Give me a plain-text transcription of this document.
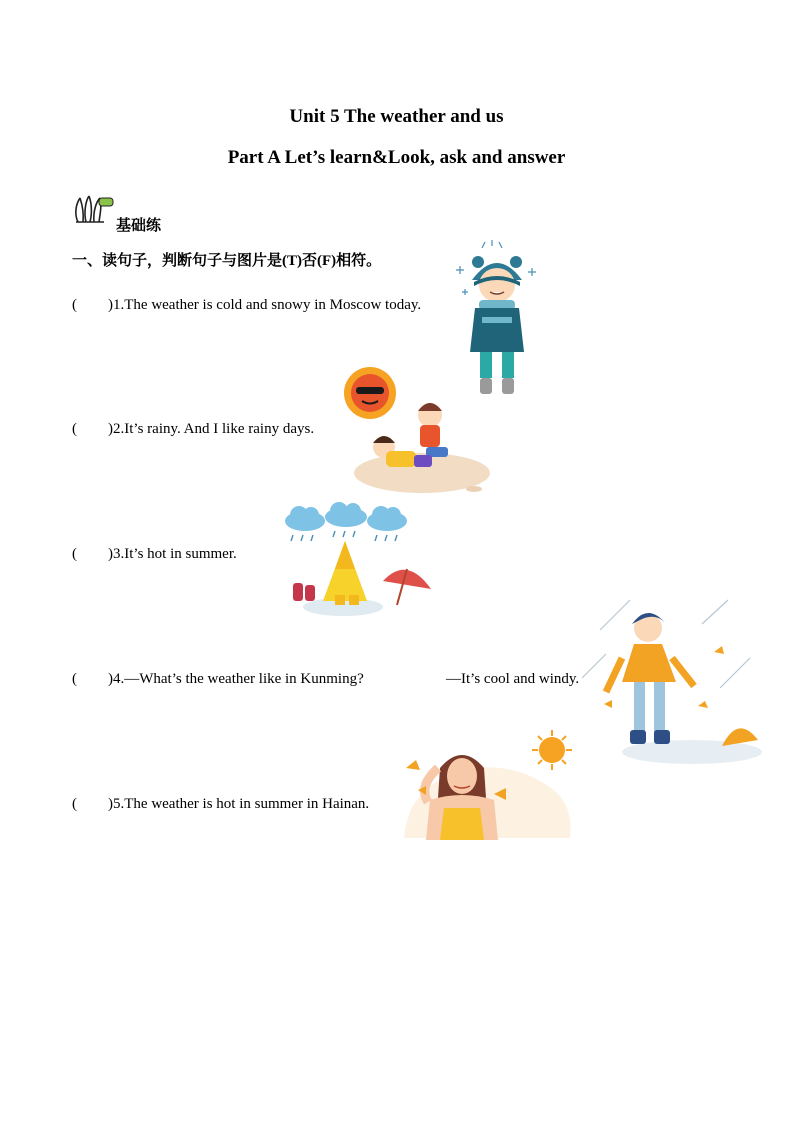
Unit 5 The weather and us
Part A Let’s learn&Look, ask and answer
基础练
一、读句子，判断句子与图片是(T)否(F)相符。
( )1.The weather is cold and snowy in Moscow today.
( )2.It’s rainy. And I like rainy days.
( )3.It’s hot in summer.
( )4.—What’s the weather like in Kunming?	—It’s cool and windy.
( )5.The weather is hot in summer in Hainan.
